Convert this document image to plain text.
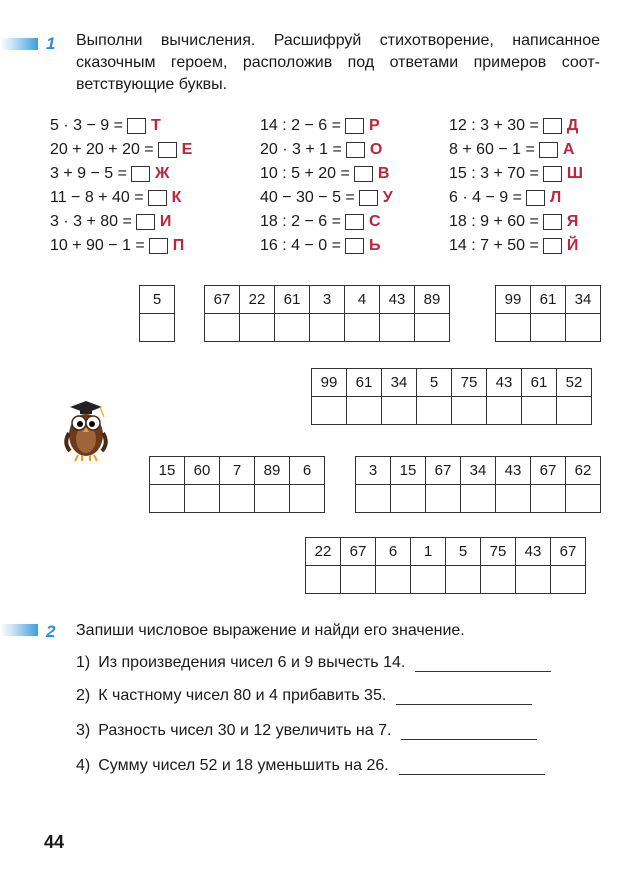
1 Выполни вычисления. Расшифруй стихотворение, написанное сказочным героем, расположив под ответами примеров соот-ветствующие буквы.
5 · 3 − 9 = Т
20 + 20 + 20 = Е
3 + 9 − 5 = Ж
11 − 8 + 40 = К
3 · 3 + 80 = И
10 + 90 − 1 = П
14 : 2 − 6 = Р
20 · 3 + 1 = О
10 : 5 + 20 = В
40 − 30 − 5 = У
18 : 2 − 6 = С
16 : 4 − 0 = Ь
12 : 3 + 30 = Д
8 + 60 − 1 = А
15 : 3 + 70 = Ш
6 · 4 − 9 = Л
18 : 9 + 60 = Я
14 : 7 + 50 = Й
5	67	22	61	3	4	43	89
							99	61	34

99	61	34	5	75	43	61	52

15	60	7	89	6
					3	15	67	34	43	67	62

22	67	6	1	5	75	43	67

2 Запиши числовое выражение и найди его значение.
1) Из произведения чисел 6 и 9 вычесть 14.
2) К частному чисел 80 и 4 прибавить 35.
3) Разность чисел 30 и 12 увеличить на 7.
4) Сумму чисел 52 и 18 уменьшить на 26.
44
